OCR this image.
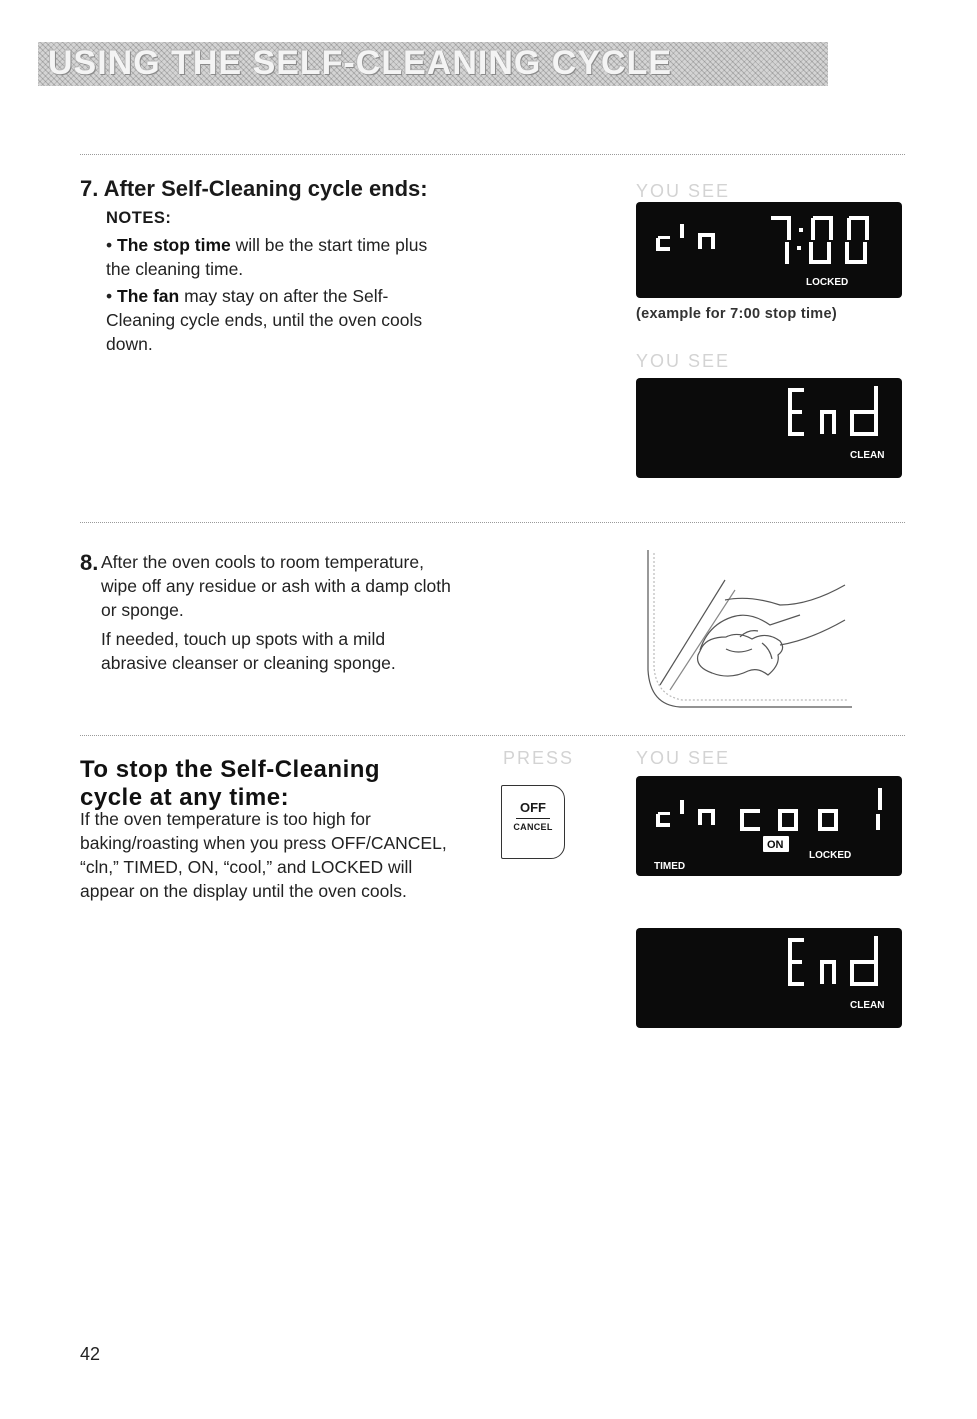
USING THE SELF-CLEANING CYCLE
7. After Self-Cleaning cycle ends:
NOTES:
• The stop time will be the start time plus the cleaning time.
• The fan may stay on after the Self-Cleaning cycle ends, until the oven cools down.
YOU SEE
LOCKED
(example for 7:00 stop time)
YOU SEE
CLEAN
8. After the oven cools to room temperature, wipe off any residue or ash with a damp cloth or sponge.
If needed, touch up spots with a mild abrasive cleanser or cleaning sponge.
To stop the Self-Cleaning cycle at any time:
If the oven temperature is too high for baking/roasting when you press OFF/CANCEL, “cln,” TIMED, ON, “cool,” and LOCKED will appear on the display until the oven cools.
PRESS	YOU SEE
OFF
CANCEL
ON
TIMED
LOCKED
CLEAN
42
